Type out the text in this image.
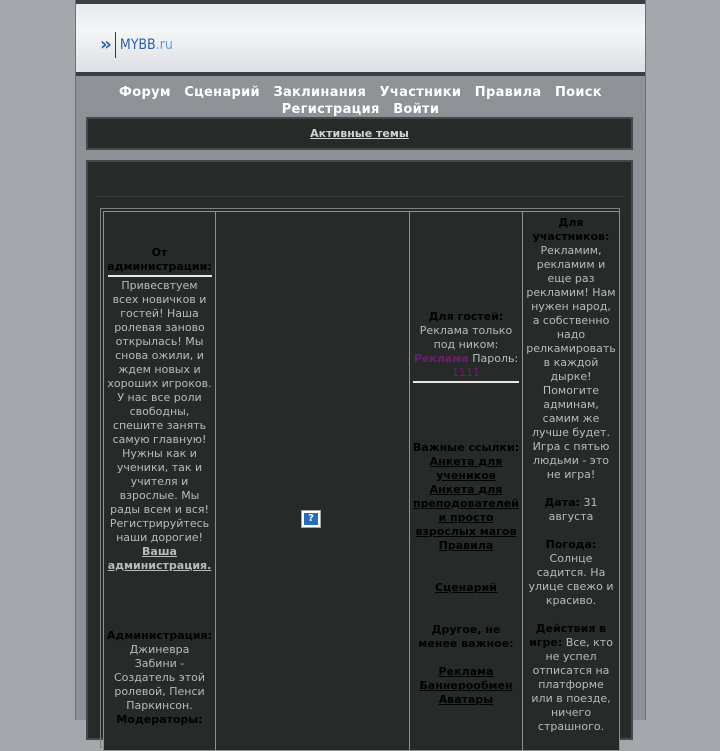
›› MYBB.ru
Форум Сценарий Заклинания Участники Правила Поиск
Регистрация Войти
Активные темы
От администрации:
Привесвтуем всех новичков и гостей! Наша ролевая заново открылась! Мы снова ожили, и ждем новых и хороших игроков. У нас все роли свободны, спешите занять самую главную! Нужны как и ученики, так и учителя и взрослые. Мы рады всем и вся! Регистрируйтесь наши дорогие!
Ваша администрация.
Администрация:
Джиневра Забини - Создатель этой ролевой, Пенси Паркинсон.
Модераторы:
?
Для гостей:
Реклама только под ником:
Реклама Пароль:
1111
Важные ссылки:
Анкета для учеников
Анкета для преподователей и просто взрослых магов
Правила
Сценарий
Другое, не менее важное:
Реклама
Баннерообмен
Аватары
Для участников:
Рекламим, рекламим и еще раз рекламим! Нам нужен народ, а собственно надо релкамировать в каждой дырке! Помогите админам, самим же лучше будет. Игра с пятью людьми - это не игра!
Дата: 31 августа
Погода:
Солнце садится. На улице свежо и красиво.
Действия в игре: Все, кто не успел отписатся на платформе или в поезде, ничего страшного.
